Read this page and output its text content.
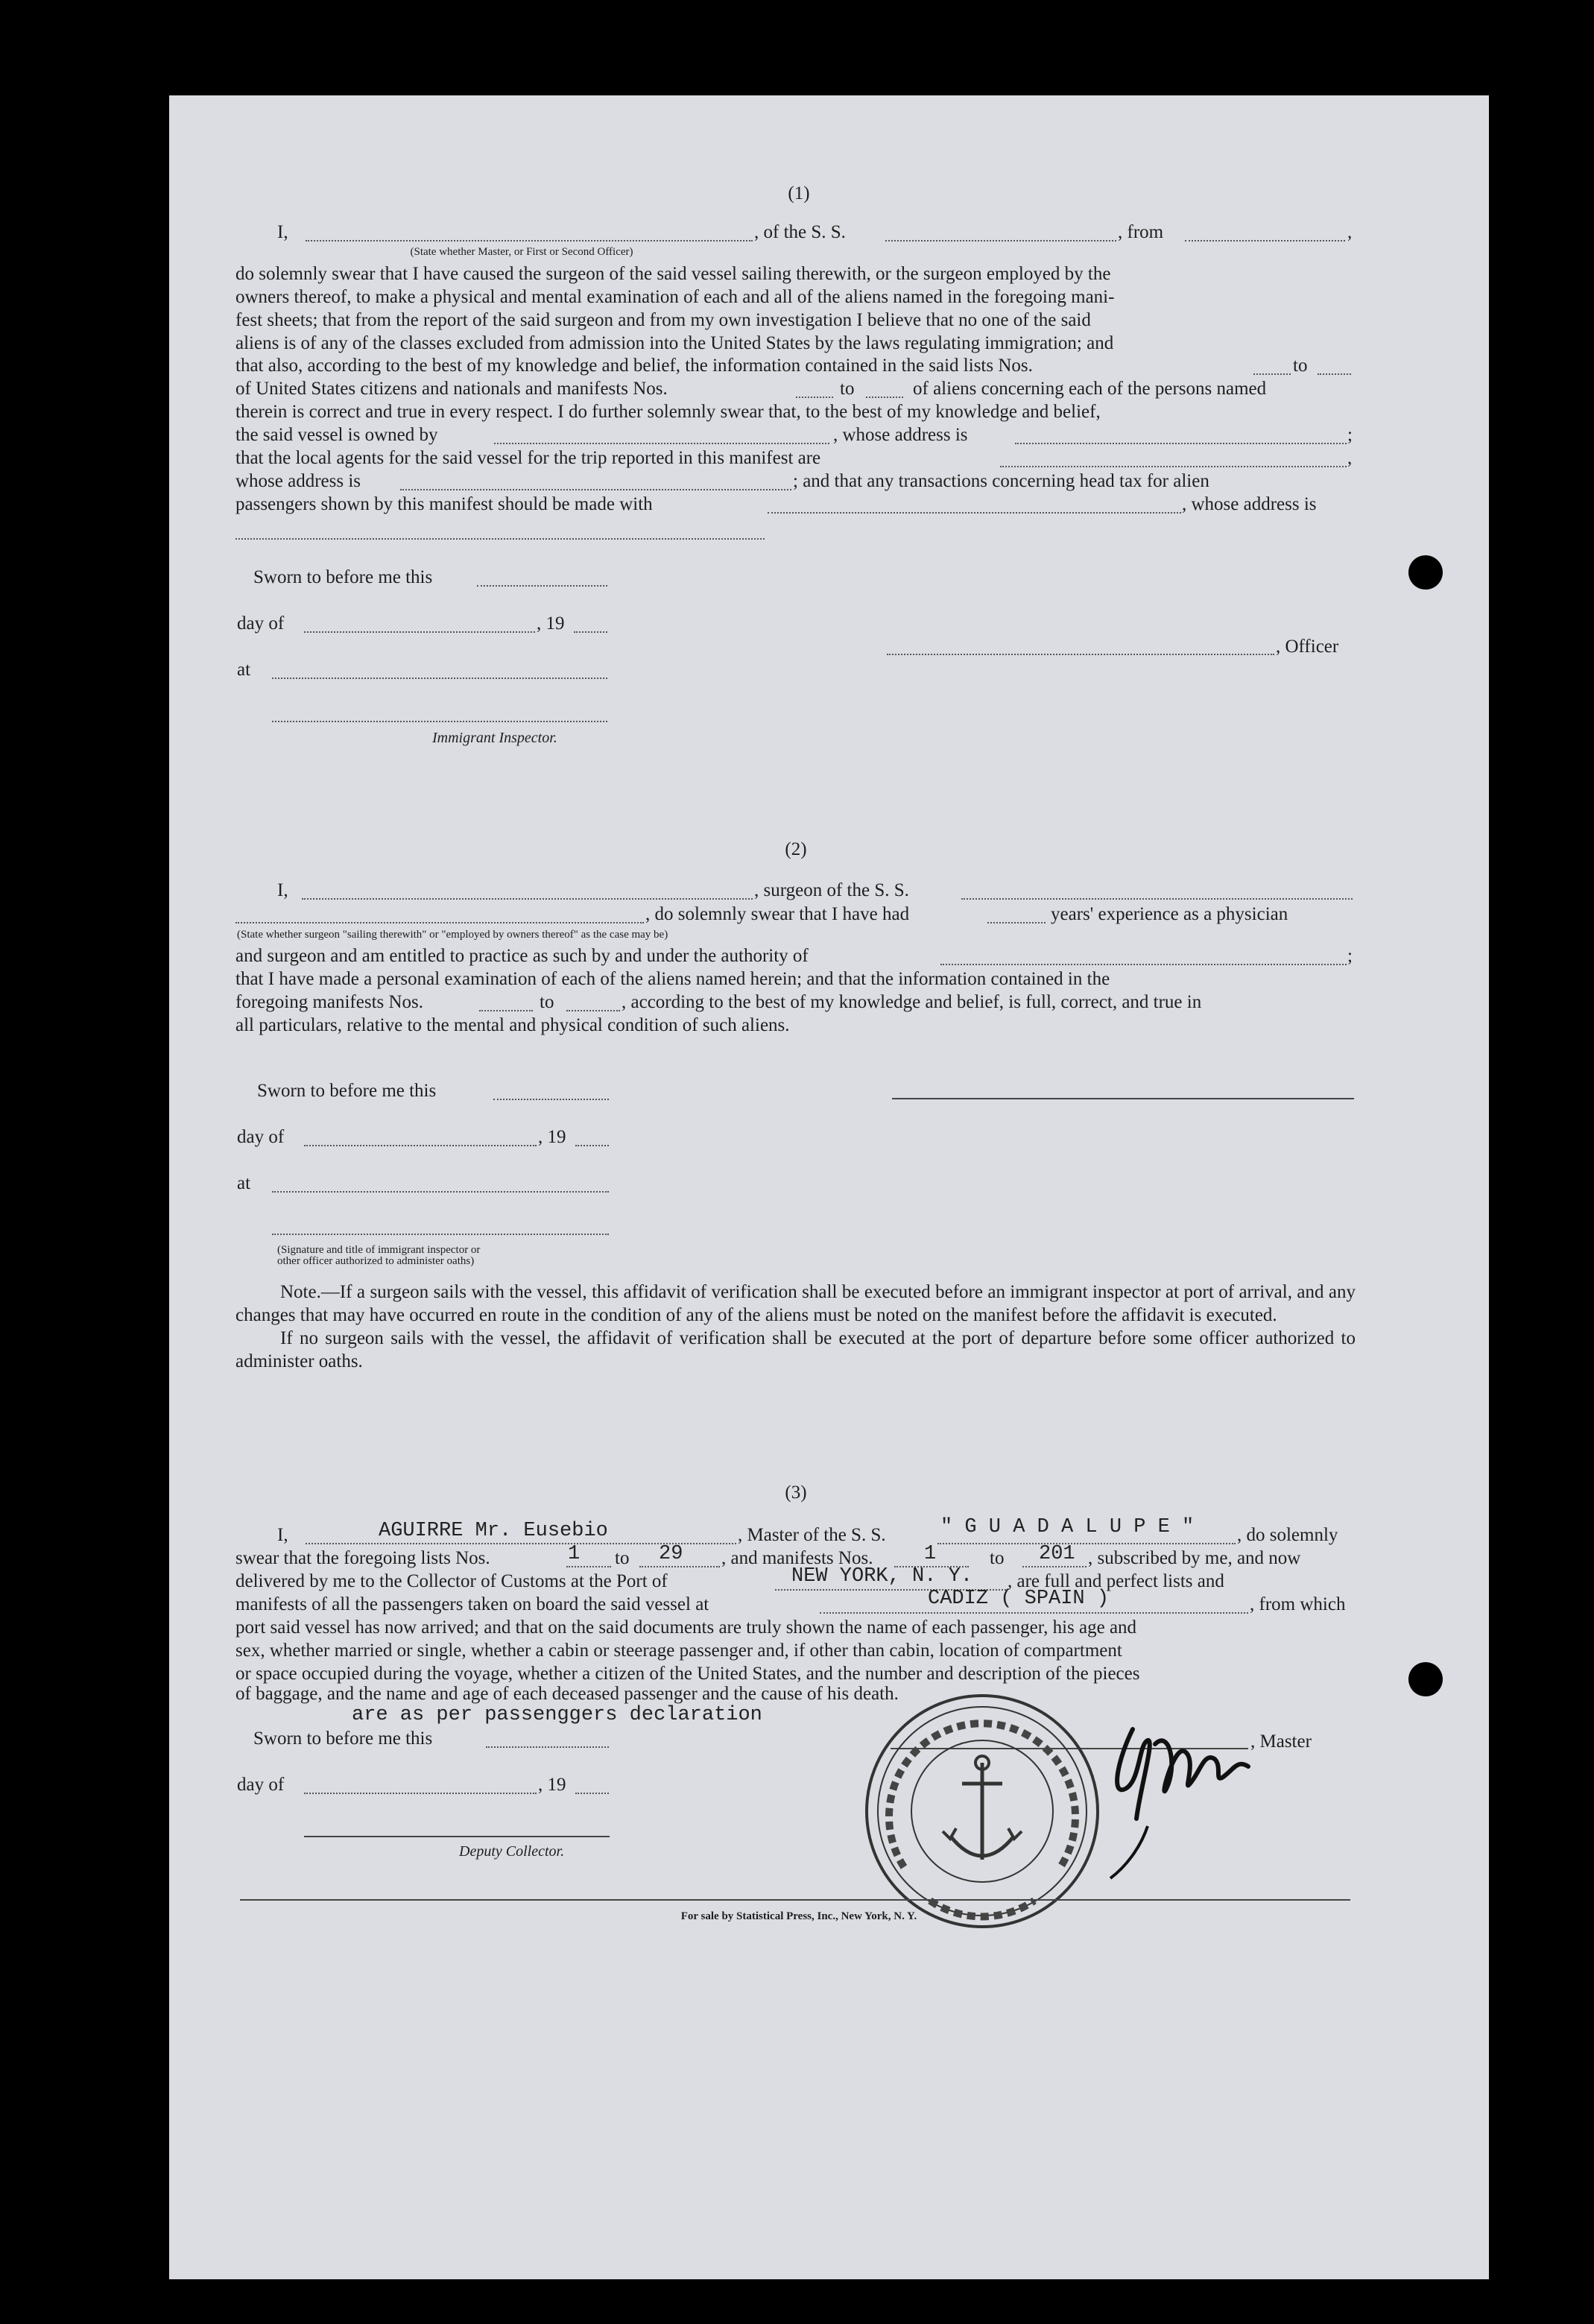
(1)
I,	, of the S. S.	, from	,
(State whether Master, or First or Second Officer)

do solemnly swear that I have caused the surgeon of the said vessel sailing therewith, or the surgeon employed by the

owners thereof, to make a physical and mental examination of each and all of the aliens named in the foregoing mani-

fest sheets; that from the report of the said surgeon and from my own investigation I believe that no one of the said

aliens is of any of the classes excluded from admission into the United States by the laws regulating immigration; and

that also, according to the best of my knowledge and belief, the information contained in the said lists Nos.	to
of United States citizens and nationals and manifests Nos.	to	of aliens concerning each of the persons named
therein is correct and true in every respect. I do further solemnly swear that, to the best of my knowledge and belief,
the said vessel is owned by	, whose address is	;
that the local agents for the said vessel for the trip reported in this manifest are	,
whose address is	; and that any transactions concerning head tax for alien
passengers shown by this manifest should be made with	, whose address is
Sworn to before me this
day of	, 19
at
Immigrant Inspector.
, Officer
(2)
I,	, surgeon of the S. S.
, do solemnly swear that I have had	years' experience as a physician
(State whether surgeon "sailing therewith" or "employed by owners thereof" as the case may be)
and surgeon and am entitled to practice as such by and under the authority of	;
that I have made a personal examination of each of the aliens named herein; and that the information contained in the
foregoing manifests Nos.	to	, according to the best of my knowledge and belief, is full, correct, and true in
all particulars, relative to the mental and physical condition of such aliens.
Sworn to before me this
day of	, 19
at
(Signature and title of immigrant inspector or
other officer authorized to administer oaths)

Note.—If a surgeon sails with the vessel, this affidavit of verification shall be executed before an immigrant inspector at port of arrival, and any changes that may have occurred en route in the condition of any of the aliens must be noted on the manifest before the affidavit is executed.

If no surgeon sails with the vessel, the affidavit of verification shall be executed at the port of departure before some officer authorized to administer oaths.

(3)
I,	AGUIRRE Mr. Eusebio	, Master of the S. S.	" G U A D A L U P E " , do solemnly
swear that the foregoing lists Nos.	1 to 29 , and manifests Nos.	1	to 201 , subscribed by me, and now
delivered by me to the Collector of Customs at the Port of	NEW YORK, N. Y. , are full and perfect lists and
manifests of all the passengers taken on board the said vessel at	CADIZ ( SPAIN )	, from which
port said vessel has now arrived; and that on the said documents are truly shown the name of each passenger, his age and
sex, whether married or single, whether a cabin or steerage passenger and, if other than cabin, location of compartment
or space occupied during the voyage, whether a citizen of the United States, and the number and description of the pieces
of baggage, and the name and age of each deceased passenger and the cause of his death.
are as per passenggers declaration
Sworn to before me this	, Master
day of	, 19
Deputy Collector.
For sale by Statistical Press, Inc., New York, N. Y.
